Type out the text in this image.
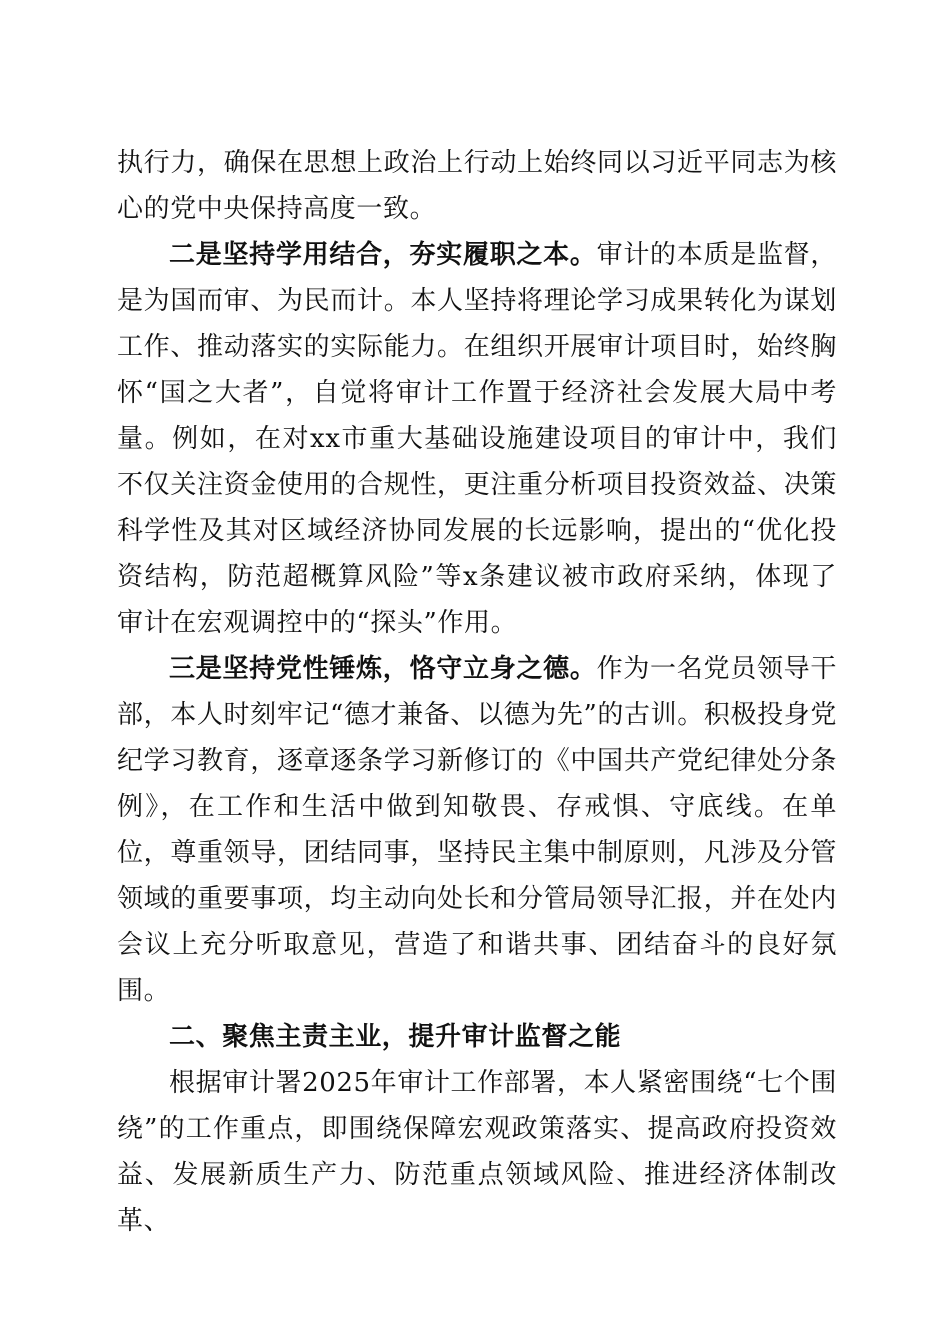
执行力，确保在思想上政治上行动上始终同以习近平同志为核心的党中央保持高度一致。

二是坚持学用结合，夯实履职之本。审计的本质是监督，是为国而审、为民而计。本人坚持将理论学习成果转化为谋划工作、推动落实的实际能力。在组织开展审计项目时，始终胸怀“国之大者”，自觉将审计工作置于经济社会发展大局中考量。例如，在对xx市重大基础设施建设项目的审计中，我们不仅关注资金使用的合规性，更注重分析项目投资效益、决策科学性及其对区域经济协同发展的长远影响，提出的“优化投资结构，防范超概算风险”等x条建议被市政府采纳，体现了审计在宏观调控中的“探头”作用。

三是坚持党性锤炼，恪守立身之德。作为一名党员领导干部，本人时刻牢记“德才兼备、以德为先”的古训。积极投身党纪学习教育，逐章逐条学习新修订的《中国共产党纪律处分条例》，在工作和生活中做到知敬畏、存戒惧、守底线。在单位，尊重领导，团结同事，坚持民主集中制原则，凡涉及分管领域的重要事项，均主动向处长和分管局领导汇报，并在处内会议上充分听取意见，营造了和谐共事、团结奋斗的良好氛围。

二、聚焦主责主业，提升审计监督之能

根据审计署2025年审计工作部署，本人紧密围绕“七个围绕”的工作重点，即围绕保障宏观政策落实、提高政府投资效益、发展新质生产力、防范重点领域风险、推进经济体制改革、
